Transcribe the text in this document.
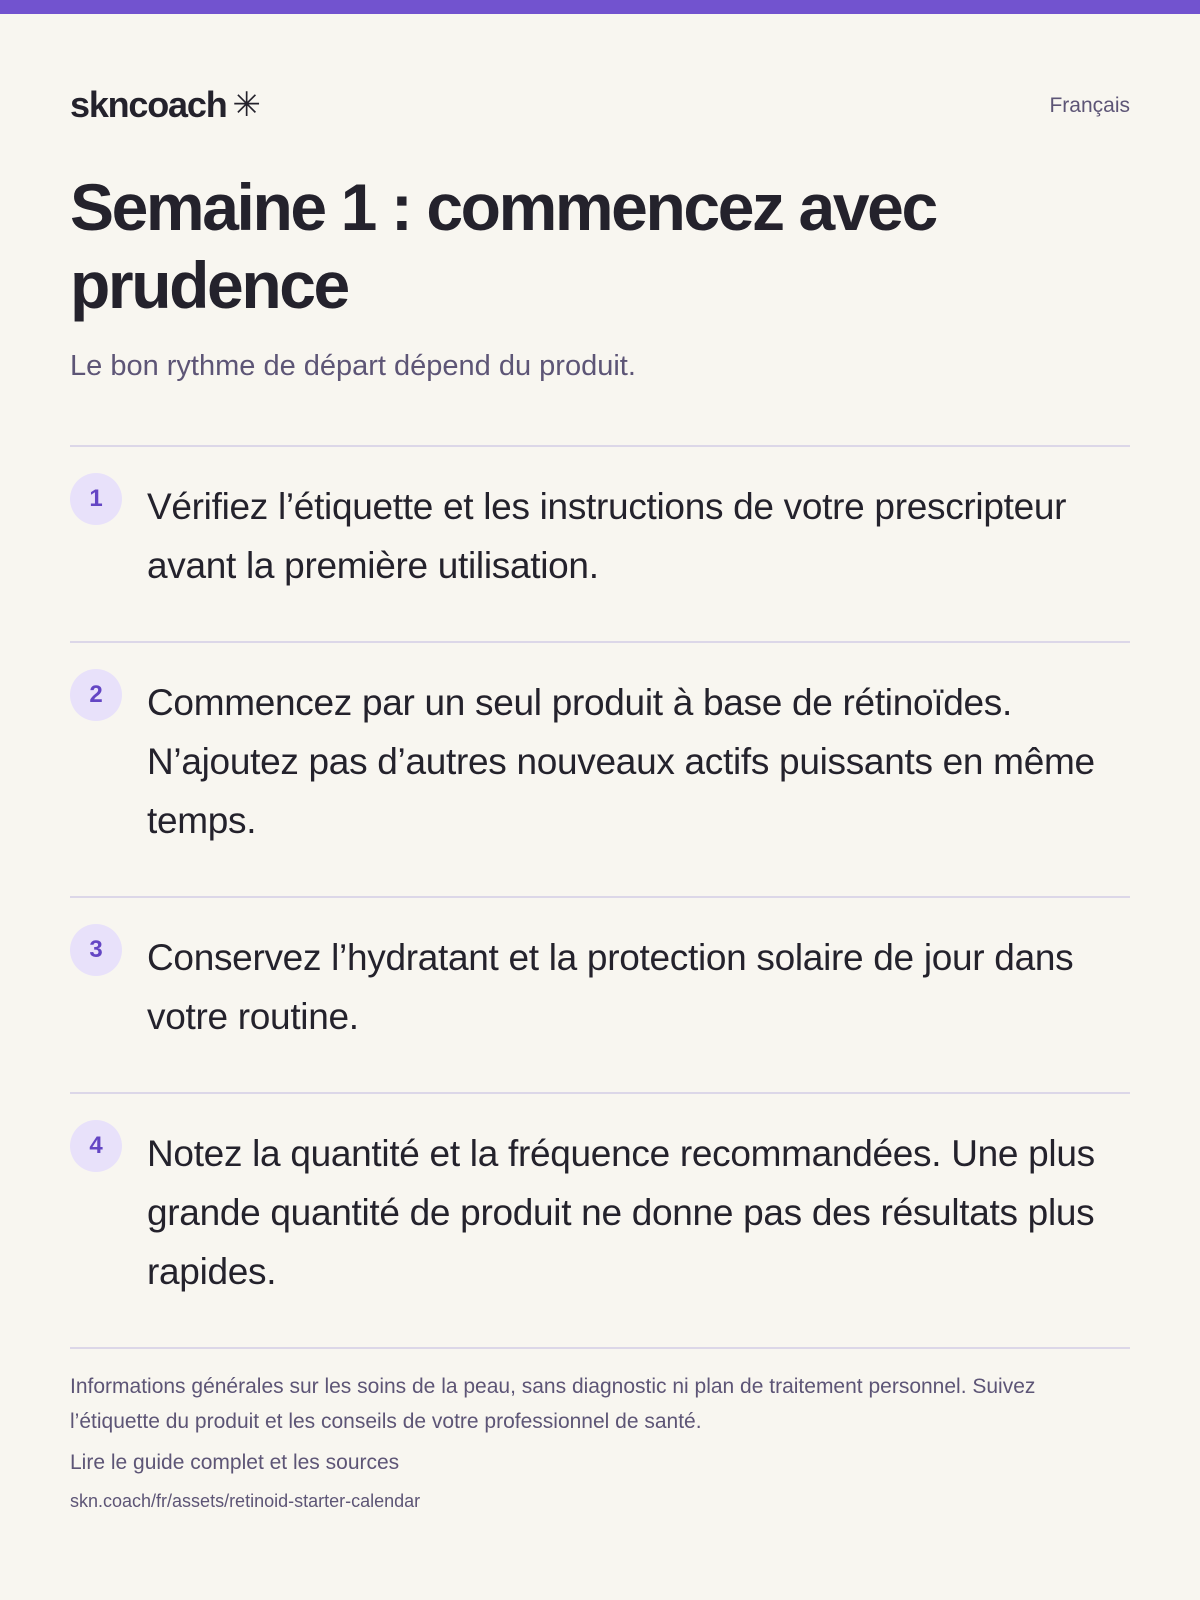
skncoach ✳	Français
Semaine 1 : commencez avec prudence

Le bon rythme de départ dépend du produit.

1	Vérifiez l’étiquette et les instructions de votre prescripteur avant la première utilisation.

2	Commencez par un seul produit à base de rétinoïdes. N’ajoutez pas d’autres nouveaux actifs puissants en même temps.

3	Conservez l’hydratant et la protection solaire de jour dans votre routine.

4	Notez la quantité et la fréquence recommandées. Une plus grande quantité de produit ne donne pas des résultats plus rapides.

Informations générales sur les soins de la peau, sans diagnostic ni plan de traitement personnel. Suivez l’étiquette du produit et les conseils de votre professionnel de santé.

Lire le guide complet et les sources
skn.coach/fr/assets/retinoid-starter-calendar
